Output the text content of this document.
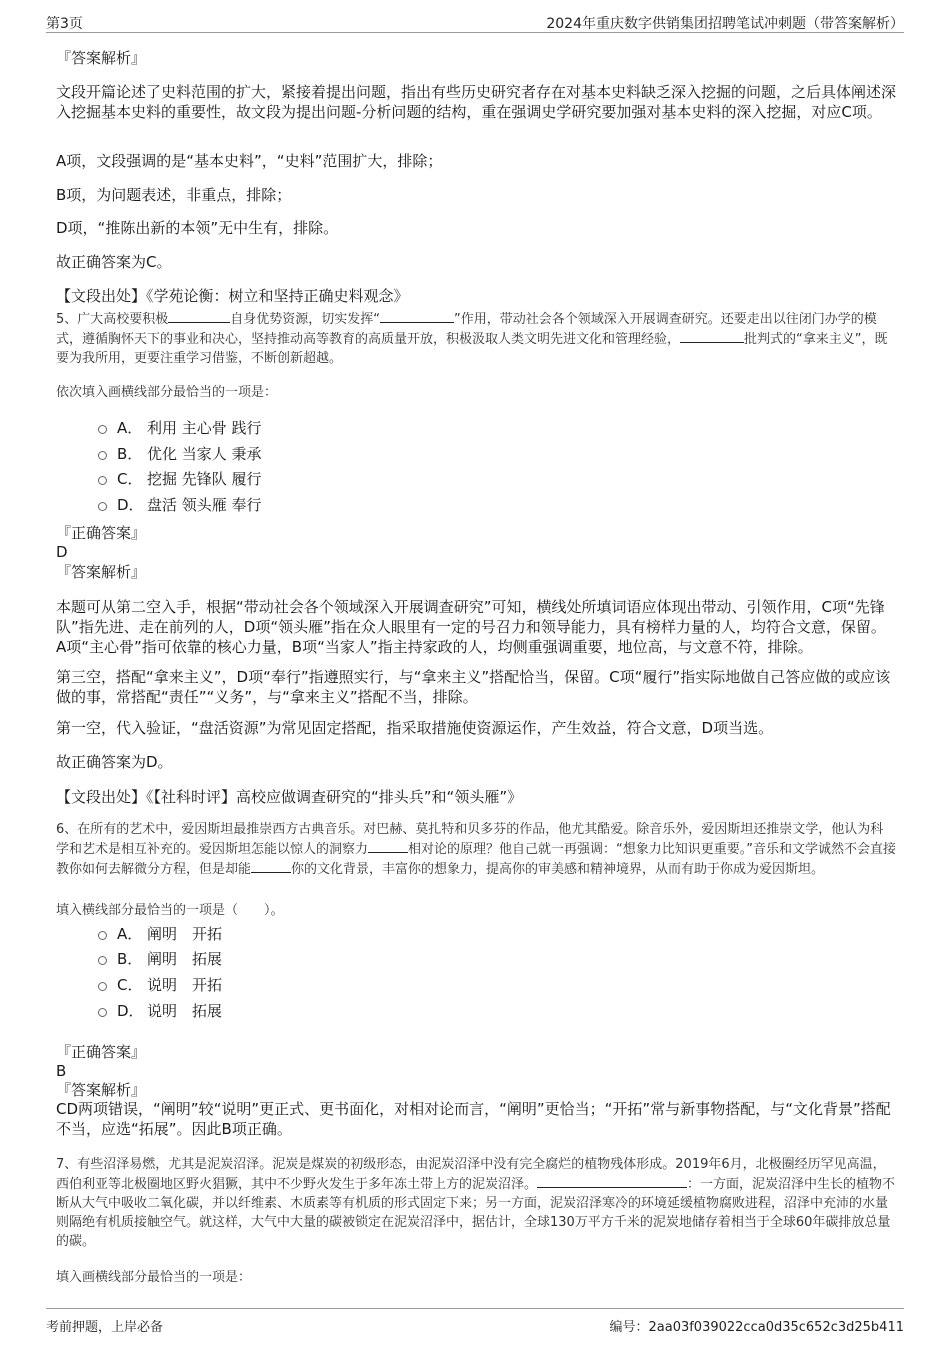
第3页	2024年重庆数字供销集团招聘笔试冲刺题（带答案解析）

『答案解析』

文段开篇论述了史料范围的扩大，紧接着提出问题，指出有些历史研究者存在对基本史料缺乏深入挖掘的问题，之后具体阐述深入挖掘基本史料的重要性，故文段为提出问题-分析问题的结构，重在强调史学研究要加强对基本史料的深入挖掘，对应C项。

A项，文段强调的是“基本史料”，“史料”范围扩大，排除；

B项，为问题表述，非重点，排除；

D项，“推陈出新的本领”无中生有，排除。

故正确答案为C。

【文段出处】《学苑论衡：树立和坚持正确史料观念》

5、广大高校要积极	自身优势资源，切实发挥“	”作用，带动社会各个领域深入开展调查研究。还要走出以往闭门办学的模式，遵循胸怀天下的事业和决心，坚持推动高等教育的高质量开放，积极汲取人类文明先进文化和管理经验，	批判式的“拿来主义”，既要为我所用，更要注重学习借鉴，不断创新超越。

依次填入画横线部分最恰当的一项是：

A． 利用 主心骨 践行
B． 优化 当家人 秉承
C． 挖掘 先锋队 履行
D． 盘活 领头雁 奉行

『正确答案』

D

『答案解析』

本题可从第二空入手，根据“带动社会各个领域深入开展调查研究”可知，横线处所填词语应体现出带动、引领作用，C项“先锋队”指先进、走在前列的人，D项“领头雁”指在众人眼里有一定的号召力和领导能力，具有榜样力量的人，均符合文意，保留。A项“主心骨”指可依靠的核心力量，B项“当家人”指主持家政的人，均侧重强调重要，地位高，与文意不符，排除。

第三空，搭配“拿来主义”，D项“奉行”指遵照实行，与“拿来主义”搭配恰当，保留。C项“履行”指实际地做自己答应做的或应该做的事，常搭配“责任”“义务”，与“拿来主义”搭配不当，排除。

第一空，代入验证，“盘活资源”为常见固定搭配，指采取措施使资源运作，产生效益，符合文意，D项当选。

故正确答案为D。

【文段出处】《【社科时评】高校应做调查研究的“排头兵”和“领头雁”》

6、在所有的艺术中，爱因斯坦最推崇西方古典音乐。对巴赫、莫扎特和贝多芬的作品，他尤其酷爱。除音乐外，爱因斯坦还推崇文学，他认为科学和艺术是相互补充的。爱因斯坦怎能以惊人的洞察力	相对论的原理？他自己就一再强调：“想象力比知识更重要。”音乐和文学诚然不会直接教你如何去解微分方程，但是却能	你的文化背景，丰富你的想象力，提高你的审美感和精神境界，从而有助于你成为爱因斯坦。

填入横线部分最恰当的一项是（　　）。

A． 阐明　开拓
B． 阐明　拓展
C． 说明　开拓
D． 说明　拓展

『正确答案』

B

『答案解析』

CD两项错误，“阐明”较“说明”更正式、更书面化，对相对论而言，“阐明”更恰当；“开拓”常与新事物搭配，与“文化背景”搭配不当，应选“拓展”。因此B项正确。

7、有些沼泽易燃，尤其是泥炭沼泽。泥炭是煤炭的初级形态，由泥炭沼泽中没有完全腐烂的植物残体形成。2019年6月，北极圈经历罕见高温，西伯利亚等北极圈地区野火猖獗，其中不少野火发生于多年冻土带上方的泥炭沼泽。	：一方面，泥炭沼泽中生长的植物不断从大气中吸收二氧化碳，并以纤维素、木质素等有机质的形式固定下来；另一方面，泥炭沼泽寒冷的环境延缓植物腐败进程，沼泽中充沛的水量则隔绝有机质接触空气。就这样，大气中大量的碳被锁定在泥炭沼泽中，据估计，全球130万平方千米的泥炭地储存着相当于全球60年碳排放总量的碳。

填入画横线部分最恰当的一项是：

考前押题，上岸必备	编号：2aa03f039022cca0d35c652c3d25b411
